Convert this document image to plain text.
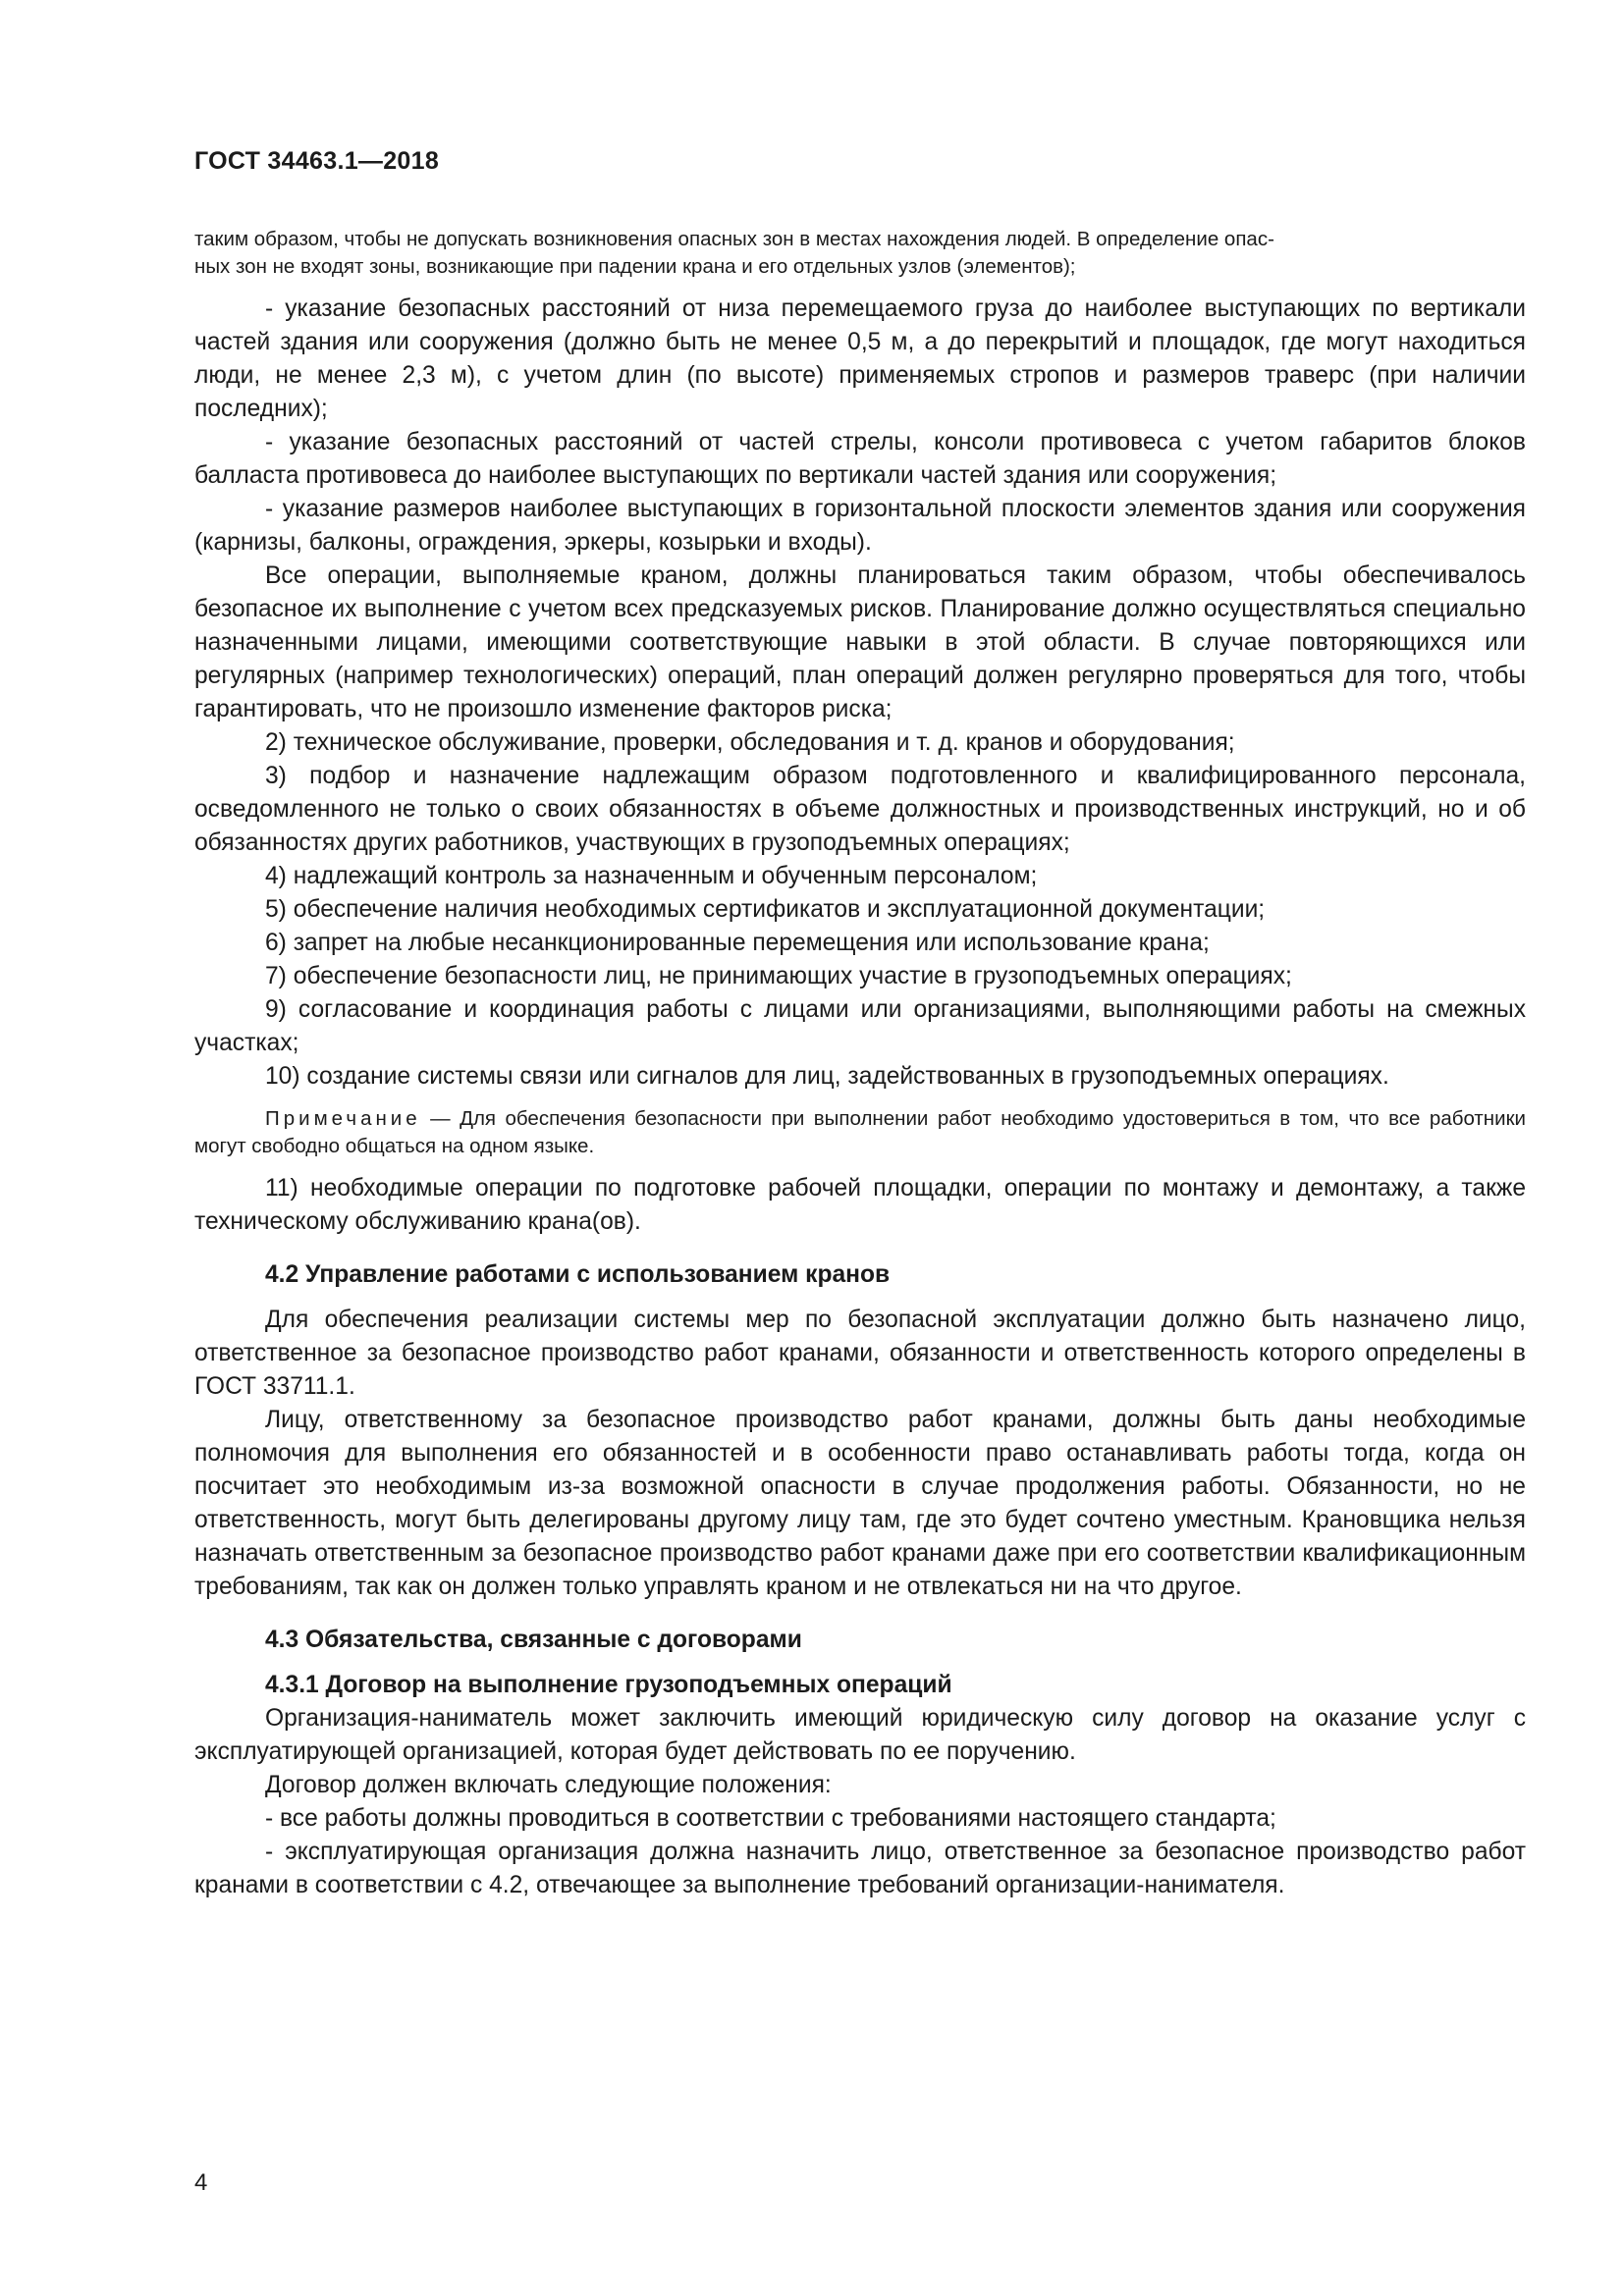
ГОСТ 34463.1—2018

таким образом, чтобы не допускать возникновения опасных зон в местах нахождения людей. В определение опас-

ных зон не входят зоны, возникающие при падении крана и его отдельных узлов (элементов);

- указание безопасных расстояний от низа перемещаемого груза до наиболее выступающих по вертикали частей здания или сооружения (должно быть не менее 0,5 м, а до перекрытий и площадок, где могут находиться люди, не менее 2,3 м), с учетом длин (по высоте) применяемых стропов и размеров траверс (при наличии последних);

- указание безопасных расстояний от частей стрелы, консоли противовеса с учетом габаритов блоков балласта противовеса до наиболее выступающих по вертикали частей здания или сооружения;

- указание размеров наиболее выступающих в горизонтальной плоскости элементов здания или сооружения (карнизы, балконы, ограждения, эркеры, козырьки и входы).

Все операции, выполняемые краном, должны планироваться таким образом, чтобы обеспечивалось безопасное их выполнение с учетом всех предсказуемых рисков. Планирование должно осуществляться специально назначенными лицами, имеющими соответствующие навыки в этой области. В случае повторяющихся или регулярных (например технологических) операций, план операций должен регулярно проверяться для того, чтобы гарантировать, что не произошло изменение факторов риска;

2) техническое обслуживание, проверки, обследования и т. д. кранов и оборудования;

3) подбор и назначение надлежащим образом подготовленного и квалифицированного персонала, осведомленного не только о своих обязанностях в объеме должностных и производственных инструкций, но и об обязанностях других работников, участвующих в грузоподъемных операциях;

4) надлежащий контроль за назначенным и обученным персоналом;

5) обеспечение наличия необходимых сертификатов и эксплуатационной документации;

6) запрет на любые несанкционированные перемещения или использование крана;

7) обеспечение безопасности лиц, не принимающих участие в грузоподъемных операциях;

9) согласование и координация работы с лицами или организациями, выполняющими работы на смежных участках;

10) создание системы связи или сигналов для лиц, задействованных в грузоподъемных операциях.

Примечание — Для обеспечения безопасности при выполнении работ необходимо удостовериться в том, что все работники могут свободно общаться на одном языке.

11) необходимые операции по подготовке рабочей площадки, операции по монтажу и демонтажу, а также техническому обслуживанию крана(ов).

4.2 Управление работами с использованием кранов

Для обеспечения реализации системы мер по безопасной эксплуатации должно быть назначено лицо, ответственное за безопасное производство работ кранами, обязанности и ответственность которого определены в ГОСТ 33711.1.

Лицу, ответственному за безопасное производство работ кранами, должны быть даны необходимые полномочия для выполнения его обязанностей и в особенности право останавливать работы тогда, когда он посчитает это необходимым из-за возможной опасности в случае продолжения работы. Обязанности, но не ответственность, могут быть делегированы другому лицу там, где это будет сочтено уместным. Крановщика нельзя назначать ответственным за безопасное производство работ кранами даже при его соответствии квалификационным требованиям, так как он должен только управлять краном и не отвлекаться ни на что другое.

4.3 Обязательства, связанные с договорами

4.3.1 Договор на выполнение грузоподъемных операций

Организация-наниматель может заключить имеющий юридическую силу договор на оказание услуг с эксплуатирующей организацией, которая будет действовать по ее поручению.

Договор должен включать следующие положения:

- все работы должны проводиться в соответствии с требованиями настоящего стандарта;

- эксплуатирующая организация должна назначить лицо, ответственное за безопасное производство работ кранами в соответствии с 4.2, отвечающее за выполнение требований организации-нанимателя.

4
